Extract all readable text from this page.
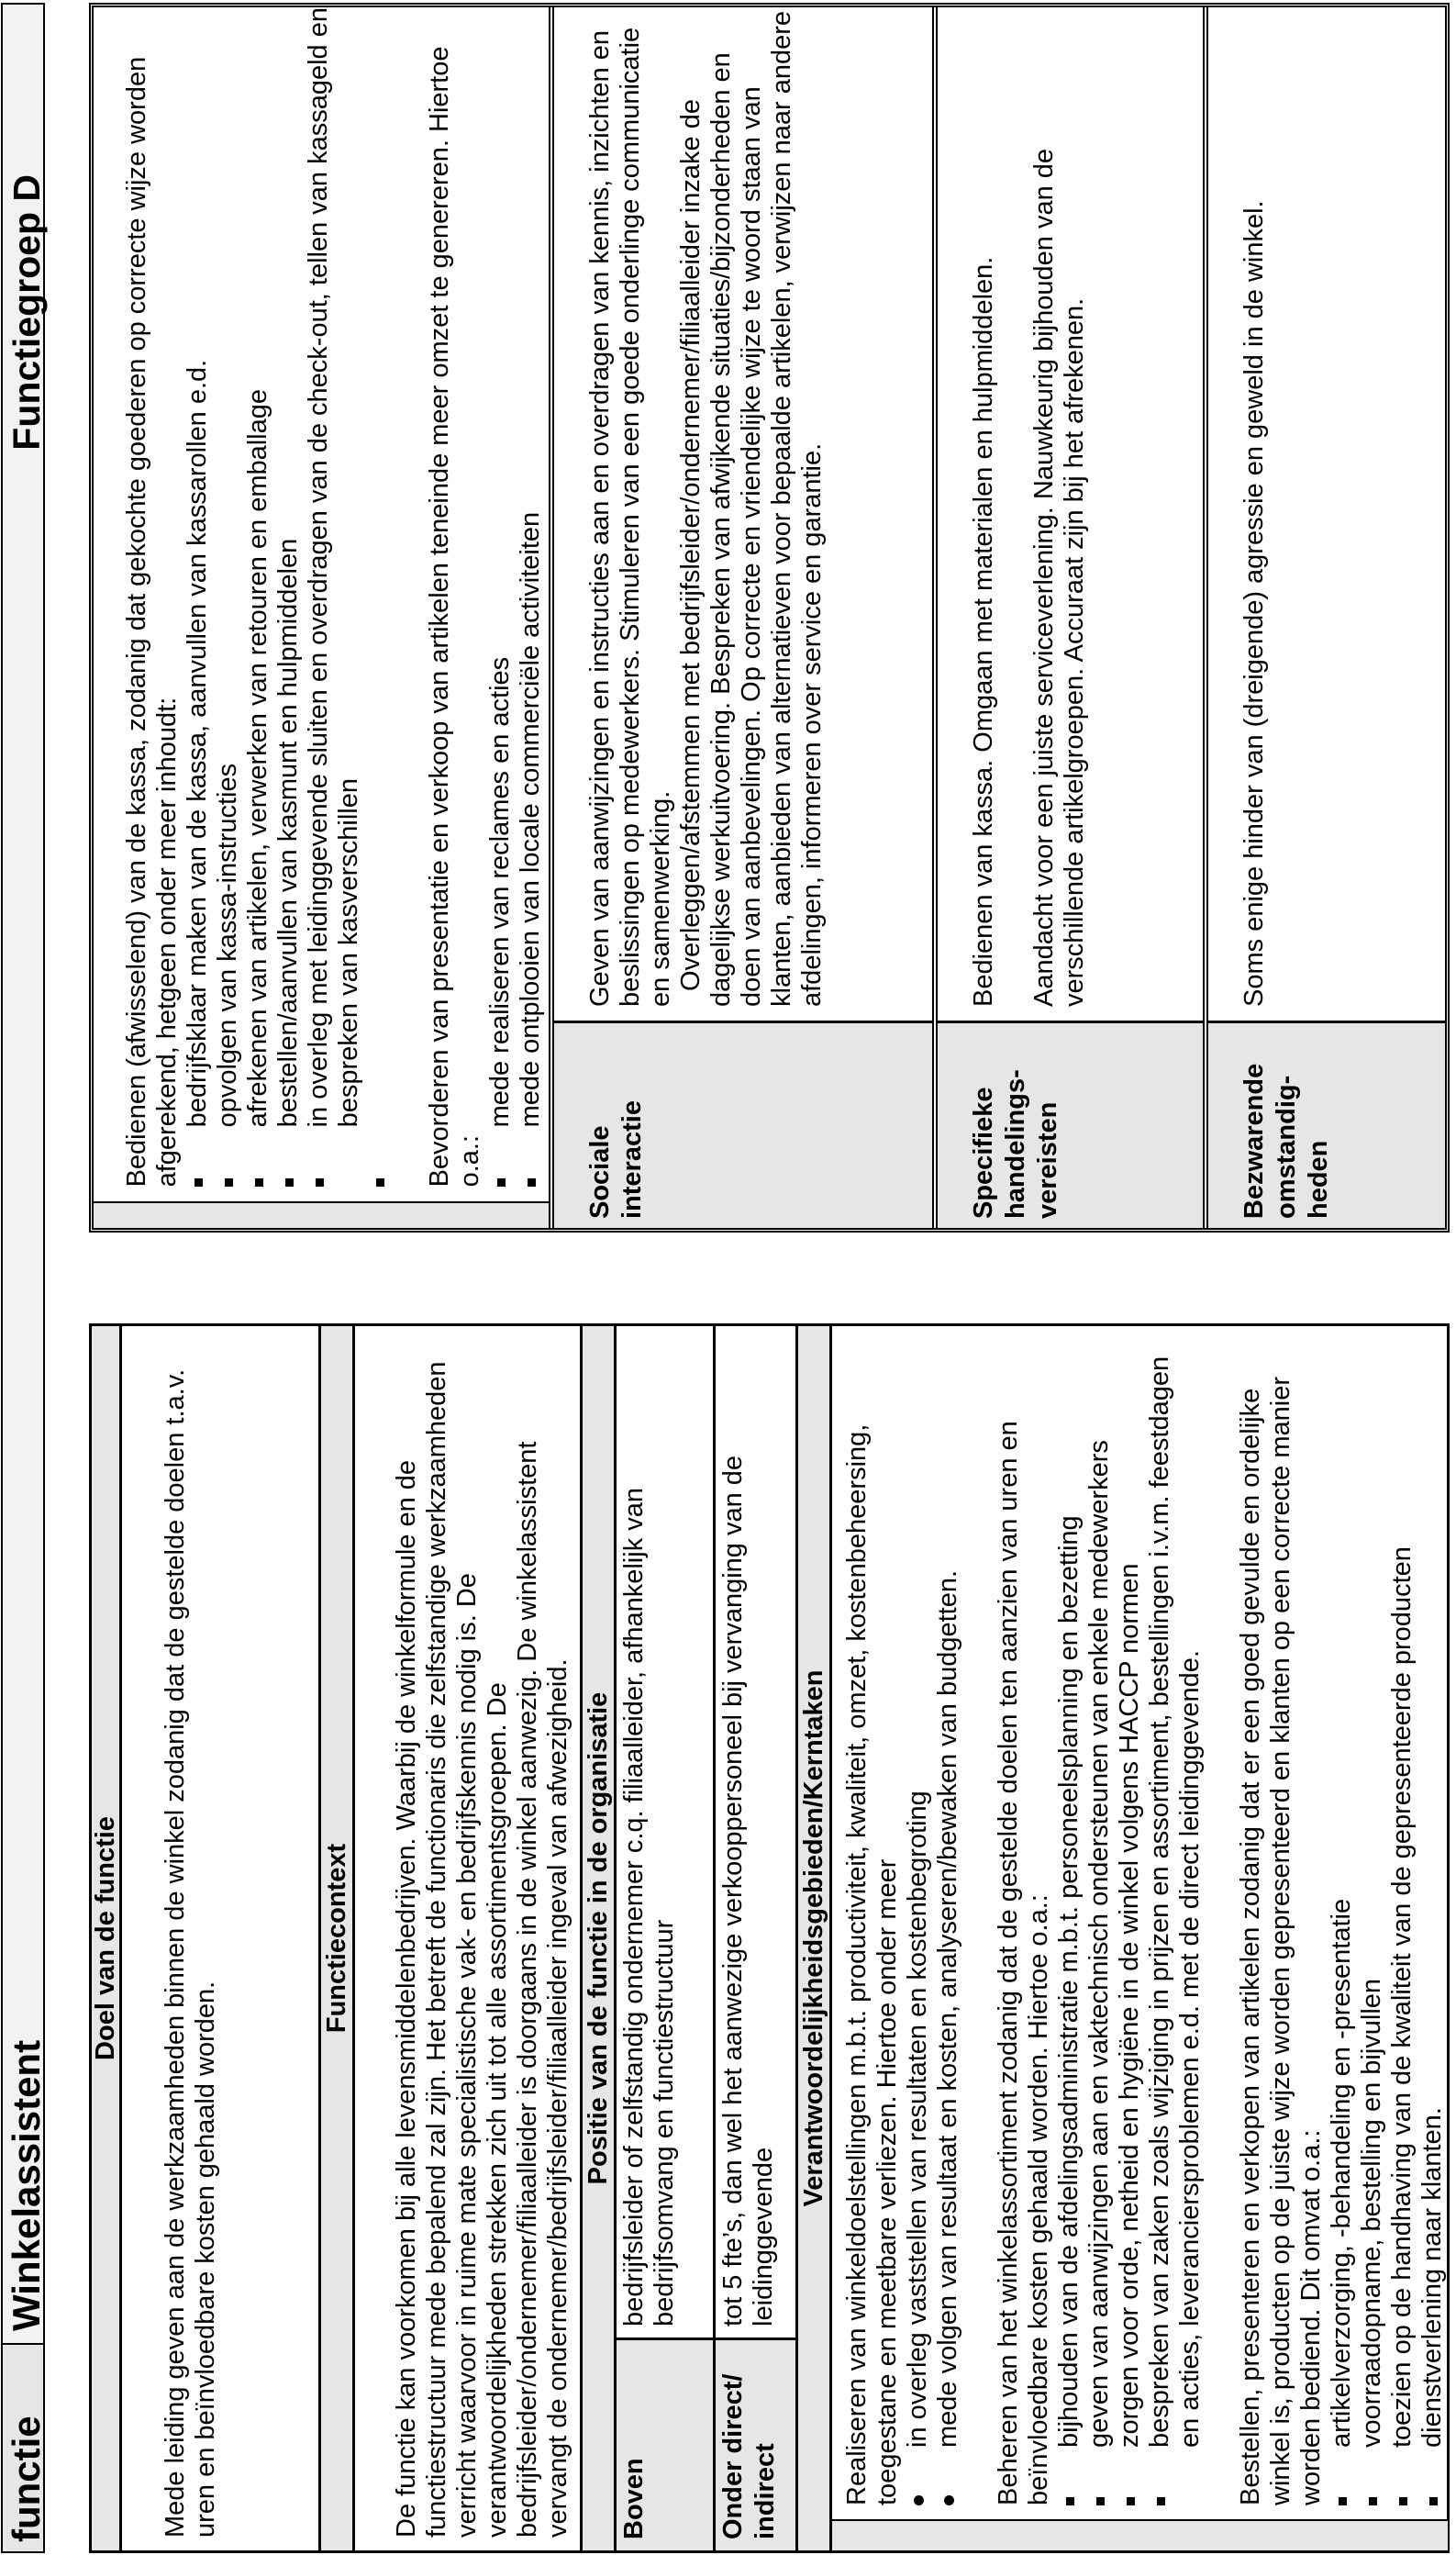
functie
Winkelassistent
Functiegroep D
Doel van de functie Mede leiding geven aan de werkzaamheden binnen de winkel zodanig dat de gestelde doelen t.a.v. uren en beïnvloedbare kosten gehaald worden.
Functiecontext De functie kan voorkomen bij alle levensmiddelenbedrijven. Waarbij de winkelformule en de functiestructuur mede bepalend zal zijn. Het betreft de functionaris die zelfstandige werkzaamheden verricht waarvoor in ruime mate specialistische vak- en bedrijfskennis nodig is. De verantwoordelijkheden strekken zich uit tot alle assortimentsgroepen. De bedrijfsleider/ondernemer/filiaalleider is doorgaans in de winkel aanwezig. De winkelassistent vervangt de ondernemer/bedrijfsleider/filiaalleider ingeval van afwezigheid. Positie van de functie in de organisatie
Boven
bedrijfsleider of zelfstandig ondernemer c.q. filiaalleider, afhankelijk van bedrijfsomvang en functiestructuur
Onder direct/ indirect
tot 5 fte’s, dan wel het aanwezige verkooppersoneel bij vervanging van de leidinggevende
Verantwoordelijkheidsgebieden/Kerntaken Realiseren van winkeldoelstellingen m.b.t. productiviteit, kwaliteit, omzet, kostenbeheersing, toegestane en meetbare verliezen. Hiertoe onder meer in overleg vaststellen van resultaten en kostenbegroting mede volgen van resultaat en kosten, analyseren/bewaken van budgetten. Beheren van het winkelassortiment zodanig dat de gestelde doelen ten aanzien van uren en beïnvloedbare kosten gehaald worden. Hiertoe o.a.: bijhouden van de afdelingsadministratie m.b.t. personeelsplanning en bezetting geven van aanwijzingen aan en vaktechnisch ondersteunen van enkele medewerkers zorgen voor orde, netheid en hygiëne in de winkel volgens HACCP normen bespreken van zaken zoals wijziging in prijzen en assortiment, bestellingen i.v.m. feestdagen en acties, leveranciersproblemen e.d. met de direct leidinggevende. Bestellen, presenteren en verkopen van artikelen zodanig dat er een goed gevulde en ordelijke winkel is, producten op de juiste wijze worden gepresenteerd en klanten op een correcte manier worden bediend. Dit omvat o.a.: artikelverzorging, -behandeling en -presentatie voorraadopname, bestelling en bijvullen toezien op de handhaving van de kwaliteit van de gepresenteerde producten dienstverlening naar klanten.
Bedienen (afwisselend) van de kassa, zodanig dat gekochte goederen op correcte wijze worden afgerekend, hetgeen onder meer inhoudt: bedrijfsklaar maken van de kassa, aanvullen van kassarollen e.d. opvolgen van kassa-instructies afrekenen van artikelen, verwerken van retouren en emballage bestellen/aanvullen van kasmunt en hulpmiddelen in overleg met leidinggevende sluiten en overdragen van de check-out, tellen van kassageld en bespreken van kasverschillen Bevorderen van presentatie en verkoop van artikelen teneinde meer omzet te genereren. Hiertoe o.a.:
mede realiseren van reclames en acties mede ontplooien van locale commerciële activiteiten
Sociale interactie
Geven van aanwijzingen en instructies aan en overdragen van kennis, inzichten en beslissingen op medewerkers. Stimuleren van een goede onderlinge communicatie en samenwerking. Overleggen/afstemmen met bedrijfsleider/ondernemer/filiaalleider inzake de dagelijkse werkuitvoering. Bespreken van afwijkende situaties/bijzonderheden en doen van aanbevelingen. Op correcte en vriendelijke wijze te woord staan van klanten, aanbieden van alternatieven voor bepaalde artikelen, verwijzen naar andere afdelingen, informeren over service en garantie.
Specifieke handelings- vereisten
Bedienen van kassa. Omgaan met materialen en hulpmiddelen. Aandacht voor een juiste serviceverlening. Nauwkeurig bijhouden van de verschillende artikelgroepen. Accuraat zijn bij het afrekenen.
Bezwarende omstandig- heden
Soms enige hinder van (dreigende) agressie en geweld in de winkel.
